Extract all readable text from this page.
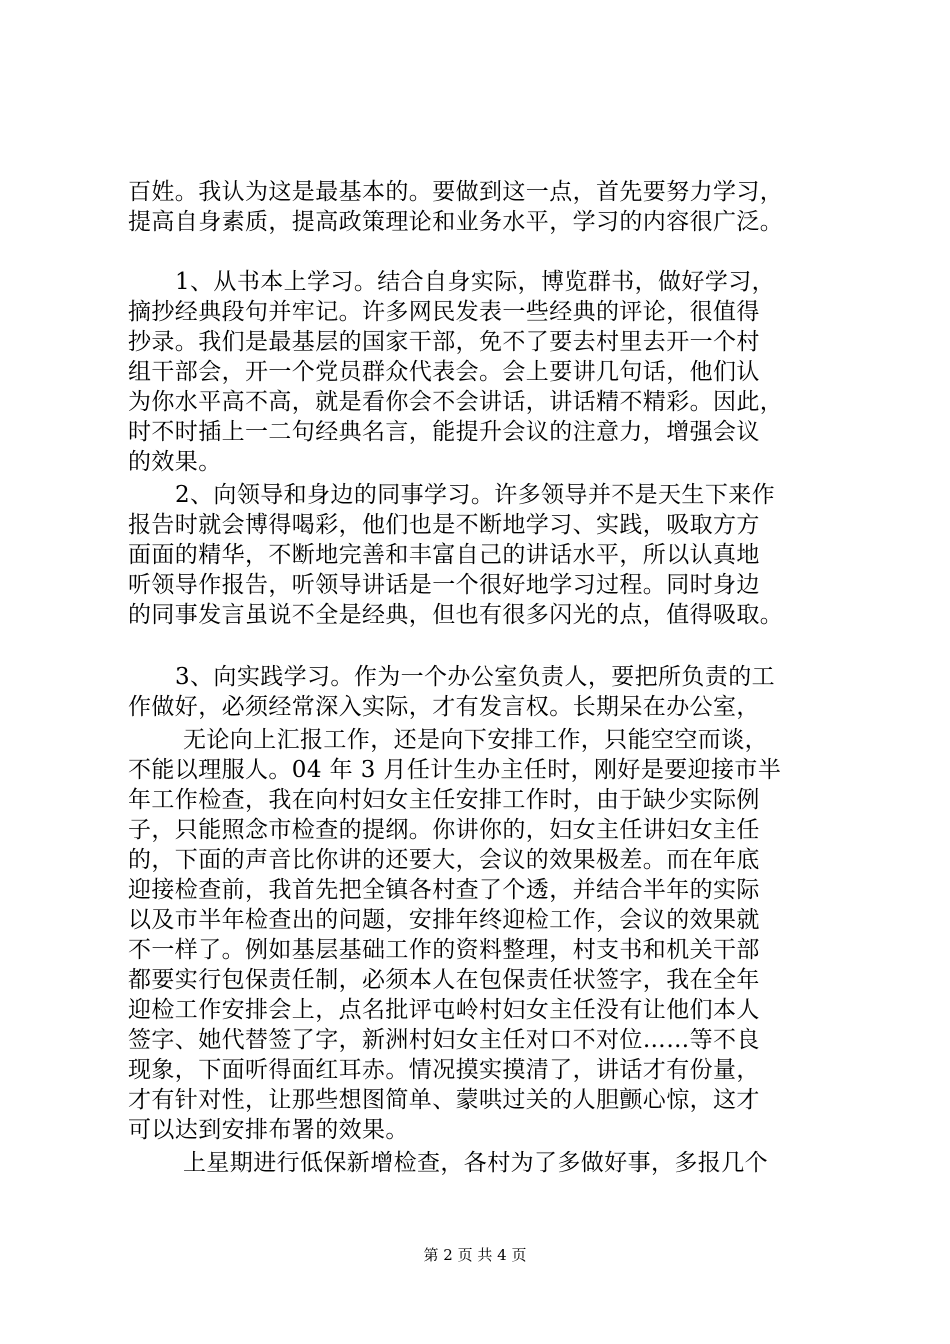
百姓。我认为这是最基本的。要做到这一点，首先要努力学习，
提高自身素质，提高政策理论和业务水平，学习的内容很广泛。
1、从书本上学习。结合自身实际，博览群书，做好学习，
摘抄经典段句并牢记。许多网民发表一些经典的评论，很值得
抄录。我们是最基层的国家干部，免不了要去村里去开一个村
组干部会，开一个党员群众代表会。会上要讲几句话，他们认
为你水平高不高，就是看你会不会讲话，讲话精不精彩。因此，
时不时插上一二句经典名言，能提升会议的注意力，增强会议
的效果。
2、向领导和身边的同事学习。许多领导并不是天生下来作
报告时就会博得喝彩，他们也是不断地学习、实践，吸取方方
面面的精华，不断地完善和丰富自己的讲话水平，所以认真地
听领导作报告，听领导讲话是一个很好地学习过程。同时身边
的同事发言虽说不全是经典，但也有很多闪光的点，值得吸取。
3、向实践学习。作为一个办公室负责人，要把所负责的工
作做好，必须经常深入实际，才有发言权。长期呆在办公室，
无论向上汇报工作，还是向下安排工作，只能空空而谈，
不能以理服人。04 年 3 月任计生办主任时，刚好是要迎接市半
年工作检查，我在向村妇女主任安排工作时，由于缺少实际例
子，只能照念市检查的提纲。你讲你的，妇女主任讲妇女主任
的，下面的声音比你讲的还要大，会议的效果极差。而在年底
迎接检查前，我首先把全镇各村查了个透，并结合半年的实际
以及市半年检查出的问题，安排年终迎检工作，会议的效果就
不一样了。例如基层基础工作的资料整理，村支书和机关干部
都要实行包保责任制，必须本人在包保责任状签字，我在全年
迎检工作安排会上，点名批评屯岭村妇女主任没有让他们本人
签字、她代替签了字，新洲村妇女主任对口不对位……等不良
现象，下面听得面红耳赤。情况摸实摸清了，讲话才有份量，
才有针对性，让那些想图简单、蒙哄过关的人胆颤心惊，这才
可以达到安排布署的效果。
上星期进行低保新增检查，各村为了多做好事，多报几个
第 2 页 共 4 页
